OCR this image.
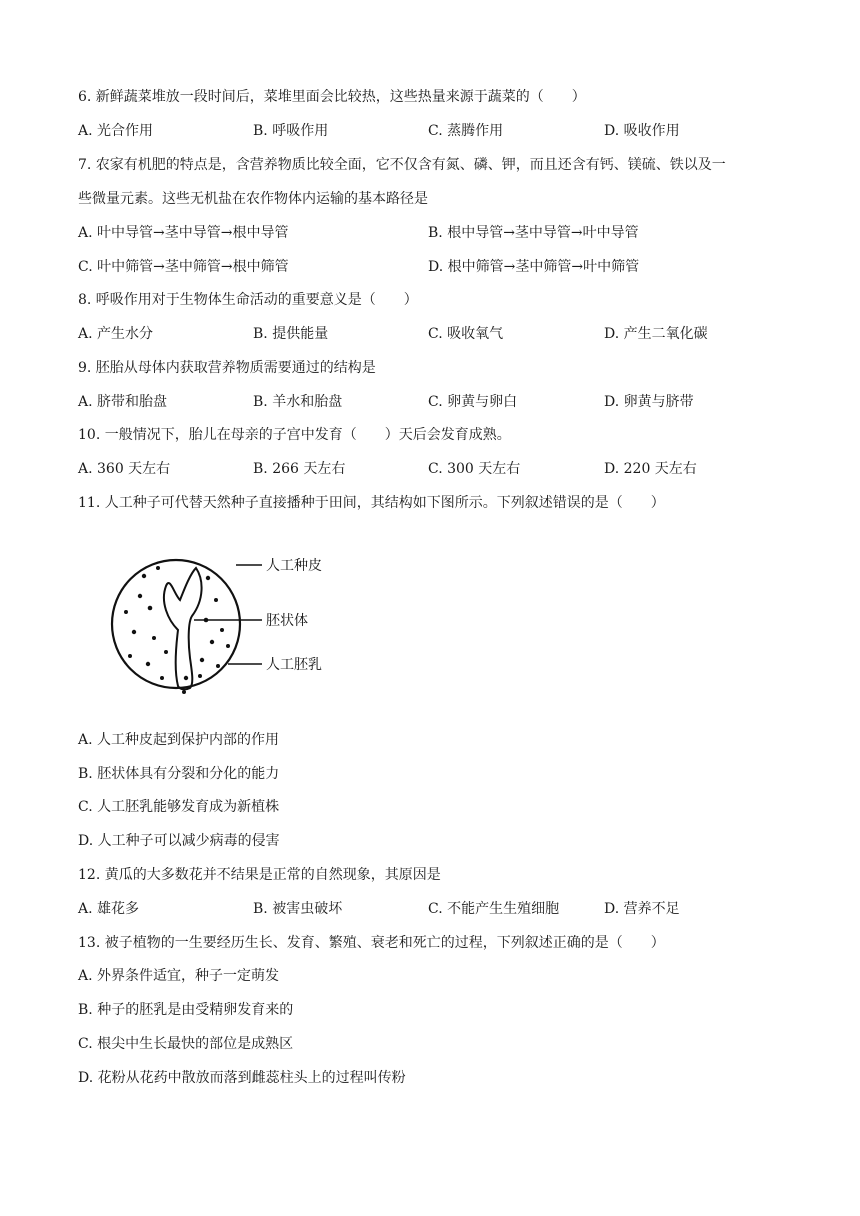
6. 新鲜蔬菜堆放一段时间后，菜堆里面会比较热，这些热量来源于蔬菜的（　　）
A. 光合作用	B. 呼吸作用	C. 蒸腾作用	D. 吸收作用
7. 农家有机肥的特点是，含营养物质比较全面，它不仅含有氮、磷、钾，而且还含有钙、镁硫、铁以及一
些微量元素。这些无机盐在农作物体内运输的基本路径是
A. 叶中导管→茎中导管→根中导管	B. 根中导管→茎中导管→叶中导管
C. 叶中筛管→茎中筛管→根中筛管	D. 根中筛管→茎中筛管→叶中筛管
8. 呼吸作用对于生物体生命活动的重要意义是（　　）
A. 产生水分	B. 提供能量	C. 吸收氧气	D. 产生二氧化碳
9. 胚胎从母体内获取营养物质需要通过的结构是
A. 脐带和胎盘	B. 羊水和胎盘	C. 卵黄与卵白	D. 卵黄与脐带
10. 一般情况下，胎儿在母亲的子宫中发育（　　）天后会发育成熟。
A. 360 天左右	B. 266 天左右	C. 300 天左右	D. 220 天左右
11. 人工种子可代替天然种子直接播种于田间，其结构如下图所示。下列叙述错误的是（　　）
人工种皮
胚状体
人工胚乳
A. 人工种皮起到保护内部的作用
B. 胚状体具有分裂和分化的能力
C. 人工胚乳能够发育成为新植株
D. 人工种子可以减少病毒的侵害
12. 黄瓜的大多数花并不结果是正常的自然现象，其原因是
A. 雄花多	B. 被害虫破坏	C. 不能产生生殖细胞	D. 营养不足
13. 被子植物的一生要经历生长、发育、繁殖、衰老和死亡的过程，下列叙述正确的是（　　）
A. 外界条件适宜，种子一定萌发
B. 种子的胚乳是由受精卵发育来的
C. 根尖中生长最快的部位是成熟区
D. 花粉从花药中散放而落到雌蕊柱头上的过程叫传粉
